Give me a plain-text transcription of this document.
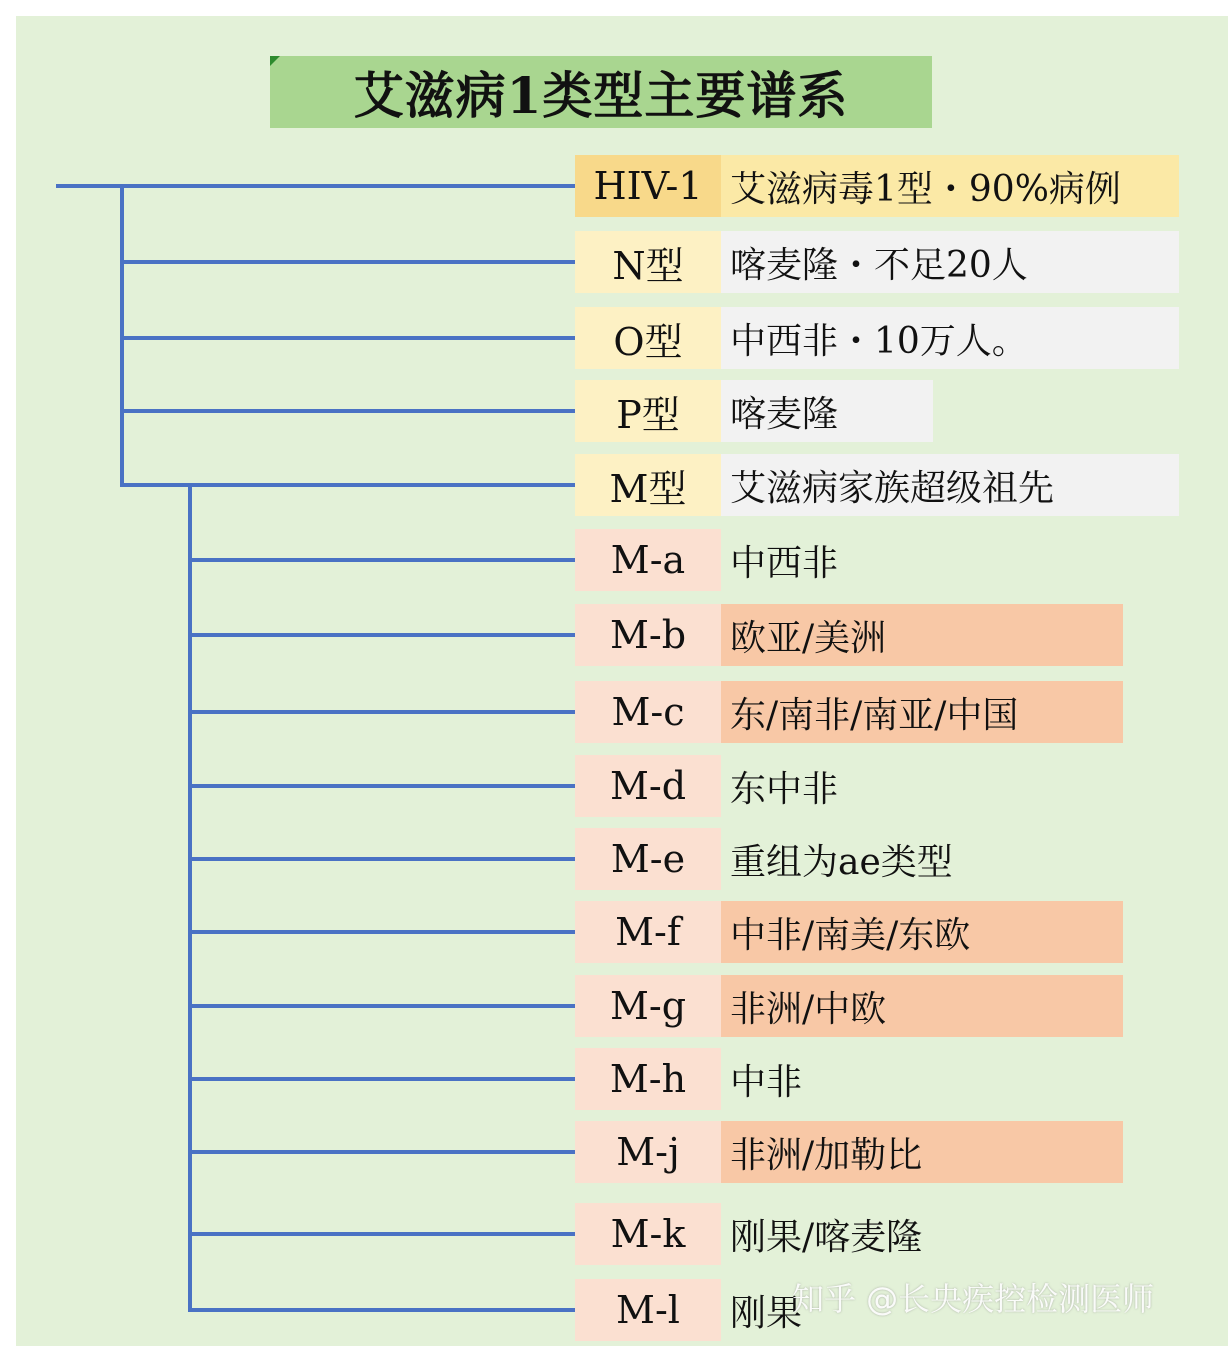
艾滋病1类型主要谱系
HIV-1 艾滋病毒1型・90%病例
N型	喀麦隆・不足20人
O型	中西非・10万人。
P型	喀麦隆
M型	艾滋病家族超级祖先
M-a	中西非
M-b	欧亚/美洲
M-c	东/南非/南亚/中国
M-d	东中非
M-e	重组为ae类型
M-f	中非/南美/东欧
M-g	非洲/中欧
M-h	中非
M-j	非洲/加勒比
M-k	刚果/喀麦隆
M-l	刚果
知乎 @长央疾控检测医师
